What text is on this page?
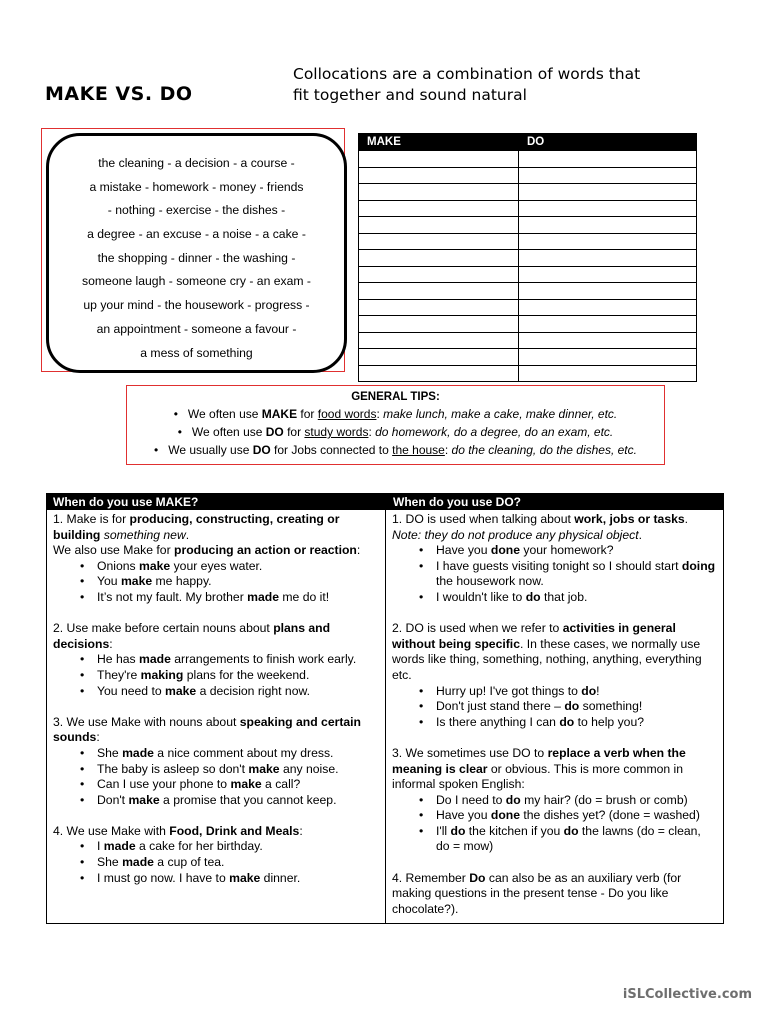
MAKE VS. DO
Collocations are a combination of words that
fit together and sound natural
the cleaning - a decision - a course -
a mistake - homework - money - friends
- nothing - exercise - the dishes -
a degree - an excuse - a noise - a cake -
the shopping - dinner - the washing -
someone laugh - someone cry - an exam -
up your mind - the housework - progress -
an appointment - someone a favour -
a mess of something
MAKE	DO
GENERAL TIPS:
• We often use MAKE for food words: make lunch, make a cake, make dinner, etc.
• We often use DO for study words: do homework, do a degree, do an exam, etc.
• We usually use DO for Jobs connected to the house: do the cleaning, do the dishes, etc.
When do you use MAKE?	When do you use DO?

1. Make is for producing, constructing, creating or building something new.

We also use Make for producing an action or reaction:

• Onions make your eyes water.
• You make me happy.
• It’s not my fault. My brother made me do it!

2. Use make before certain nouns about plans and decisions:

• He has made arrangements to finish work early.
• They're making plans for the weekend.
• You need to make a decision right now.

3. We use Make with nouns about speaking and certain sounds:

• She made a nice comment about my dress.
• The baby is asleep so don't make any noise.
• Can I use your phone to make a call?
• Don't make a promise that you cannot keep.

4. We use Make with Food, Drink and Meals:

• I made a cake for her birthday.
• She made a cup of tea.
• I must go now. I have to make dinner.

1. DO is used when talking about work, jobs or tasks.

Note: they do not produce any physical object.

• Have you done your homework?
• I have guests visiting tonight so I should start doing the housework now.
• I wouldn't like to do that job.

2. DO is used when we refer to activities in general without being specific. In these cases, we normally use words like thing, something, nothing, anything, everything etc.

• Hurry up! I've got things to do!
• Don't just stand there – do something!
• Is there anything I can do to help you?

3. We sometimes use DO to replace a verb when the meaning is clear or obvious. This is more common in informal spoken English:

• Do I need to do my hair? (do = brush or comb)
• Have you done the dishes yet? (done = washed)
• I'll do the kitchen if you do the lawns (do = clean, do = mow)

4. Remember Do can also be as an auxiliary verb (for making questions in the present tense - Do you like chocolate?).

iSLCollective.com
